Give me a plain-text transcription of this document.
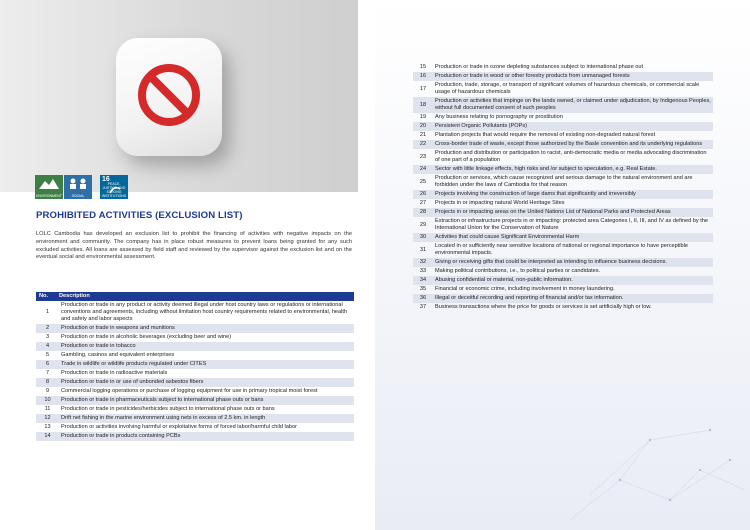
ENVIRONMENT	SOCIAL
16
PEACE, JUSTICE AND STRONG INSTITUTIONS
PROHIBITED ACTIVITIES (EXCLUSION LIST)

LOLC Cambodia has developed an exclusion list to prohibit the financing of activities with negative impacts on the environment and community. The company has in place robust measures to prevent loans being granted for any such excluded activities. All loans are assessed by field staff and reviewed by the supervisor against the exclusion list and on the eventual social and environmental assessment.

No.	Description
1	Production or trade in any product or activity deemed illegal under host country laws or regulations or international conventions and agreements, including without limitation host country requirements related to environmental, health and safety and labor aspects
2	Production or trade in weapons and munitions
3	Production or trade in alcoholic beverages (excluding beer and wine)
4	Production or trade in tobacco
5	Gambling, casinos and equivalent enterprises
6	Trade in wildlife or wildlife products regulated under CITES
7	Production or trade in radioactive materials
8	Production or trade in or use of unbonded asbestos fibers
9	Commercial logging operations or purchase of logging equipment for use in primary tropical moist forest
10	Production or trade in pharmaceuticals subject to international phase outs or bans
11	Production or trade in pesticides/herbicides subject to international phase outs or bans
12	Drift net fishing in the marine environment using nets in excess of 2.5 km. in length
13	Production or activities involving harmful or exploitative forms of forced labor/harmful child labor
14	Production or trade in products containing PCBs
15	Production or trade in ozone depleting substances subject to international phase out
16	Production or trade in wood or other forestry products from unmanaged forests
17	Production, trade, storage, or transport of significant volumes of hazardous chemicals, or commercial scale usage of hazardous chemicals
18	Production or activities that impinge on the lands owned, or claimed under adjudication, by Indigenous Peoples, without full documented consent of such peoples
19	Any business relating to pornography or prostitution
20	Persistent Organic Pollutants (POPs)
21	Plantation projects that would require the removal of existing non-degraded natural forest
22	Cross-border trade of waste, except those authorized by the Basle convention and its underlying regulations
23	Production and distribution or participation to racist, anti-democratic media or media advocating discrimination of one part of a population
24	Sector with little linkage effects, high risks and /or subject to speculation, e.g. Real Estate.
25	Production or services, which cause recognized and serious damage to the natural environment and are forbidden under the laws of Cambodia for that reason
26	Projects involving the construction of large dams that significantly and irreversibly
27	Projects in or impacting natural World Heritage Sites
28	Projects in or impacting areas on the United Nations List of National Parks and Protected Areas
29	Extraction or infrastructure projects in or impacting: protected area Categories I, II, III, and IV as defined by the International Union for the Conservation of Nature
30	Activities that could cause Significant Environmental Harm
31	Located in or sufficiently near sensitive locations of national or regional importance to have perceptible environmental impacts.
32	Giving or receiving gifts that could be interpreted as intending to influence business decisions.
33	Making political contributions, i.e., to political parties or candidates.
34	Abusing confidential or material, non-public information.
35	Financial or economic crime, including involvement in money laundering.
36	Illegal or deceitful recording and reporting of financial and/or tax information.
37	Business transactions where the price for goods or services is set artificially high or low.
